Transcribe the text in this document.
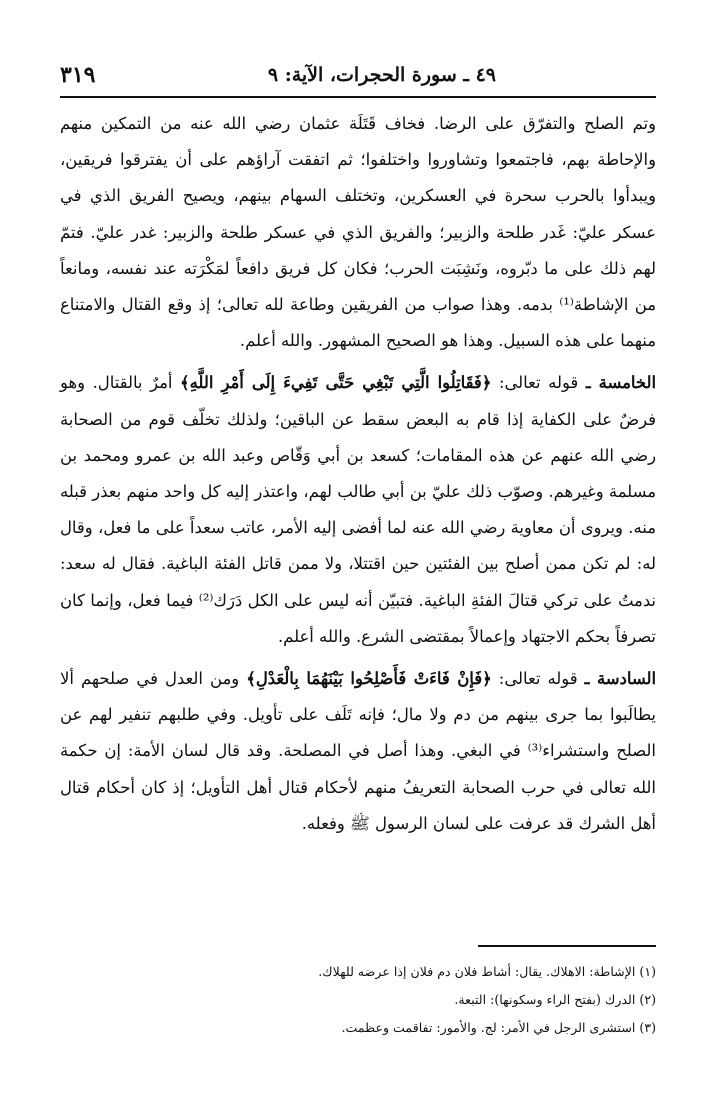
٤٩ ـ سورة الحجرات، الآية: ٩
٣١٩

وتم الصلح والتفرّق على الرضا. فخاف قَتَلَة عثمان رضي الله عنه من التمكين منهم والإحاطة بهم، فاجتمعوا وتشاوروا واختلفوا؛ ثم اتفقت آراؤهم على أن يفترقوا فريقين، ويبدأوا بالحرب سحرة في العسكرين، وتختلف السهام بينهم، ويصيح الفريق الذي في عسكر عليّ: غَدر طلحة والزبير؛ والفريق الذي في عسكر طلحة والزبير: غدر عليّ. فتمّ لهم ذلك على ما دبّروه، ونَشِبَت الحرب؛ فكان كل فريق دافعاً لمَكْرَته عند نفسه، ومانعاً من الإشاطة⁽¹⁾ بدمه. وهذا صواب من الفريقين وطاعة لله تعالى؛ إذ وقع القتال والامتناع منهما على هذه السبيل. وهذا هو الصحيح المشهور. والله أعلم.

الخامسة ـ قوله تعالى: ﴿فَقَاتِلُوا الَّتِي تَبْغِي حَتَّى تَفِيءَ إِلَى أَمْرِ اللَّهِ﴾ أمرٌ بالقتال. وهو فرضٌ على الكفاية إذا قام به البعض سقط عن الباقين؛ ولذلك تخلّف قوم من الصحابة رضي الله عنهم عن هذه المقامات؛ كسعد بن أبي وَقّاص وعبد الله بن عمرو ومحمد بن مسلمة وغيرهم. وصوّب ذلك عليّ بن أبي طالب لهم، واعتذر إليه كل واحد منهم بعذر قبله منه. ويروى أن معاوية رضي الله عنه لما أفضى إليه الأمر، عاتب سعداً على ما فعل، وقال له: لم تكن ممن أصلح بين الفئتين حين اقتتلا، ولا ممن قاتل الفئة الباغية. فقال له سعد: ندمتُ على تركي قتالَ الفئةِ الباغية. فتبيّن أنه ليس على الكل دَرَك⁽²⁾ فيما فعل، وإنما كان تصرفاً بحكم الاجتهاد وإعمالاً بمقتضى الشرع. والله أعلم.

السادسة ـ قوله تعالى: ﴿فَإِنْ فَاءَتْ فَأَصْلِحُوا بَيْنَهُمَا بِالْعَدْلِ﴾ ومن العدل في صلحهم ألا يطالَبوا بما جرى بينهم من دم ولا مال؛ فإنه تَلَف على تأويل. وفي طلبهم تنفير لهم عن الصلح واستشراء⁽³⁾ في البغي. وهذا أصل في المصلحة. وقد قال لسان الأمة: إن حكمة الله تعالى في حرب الصحابة التعريفُ منهم لأحكام قتال أهل التأويل؛ إذ كان أحكام قتال أهل الشرك قد عرفت على لسان الرسول ﷺ وفعله.

(١) الإشاطة: الاهلاك. يقال: أشاط فلان دم فلان إذا عرضه للهلاك.

(٢) الدرك (بفتح الراء وسكونها): التبعة.

(٣) استشرى الرجل في الأمر: لج. والأمور: تفاقمت وعظمت.
